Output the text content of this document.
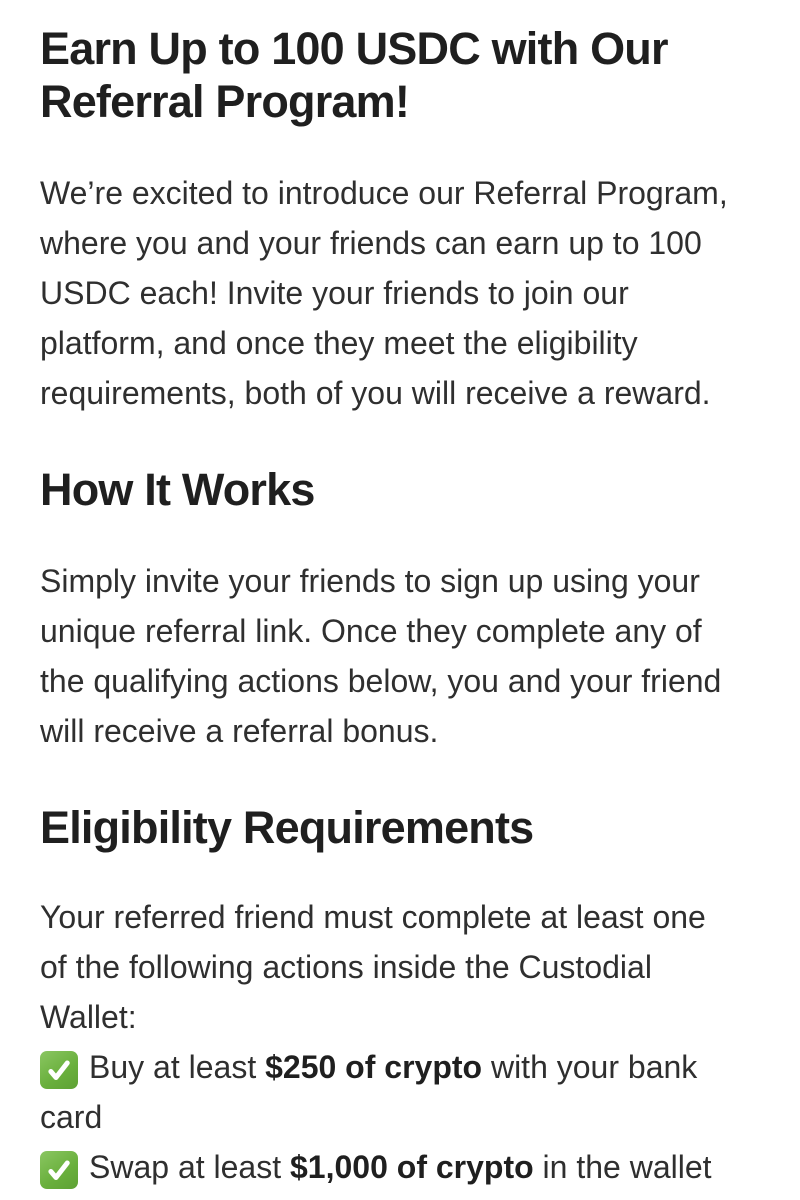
Earn Up to 100 USDC with Our Referral Program!

We’re excited to introduce our Referral Program, where you and your friends can earn up to 100 USDC each! Invite your friends to join our platform, and once they meet the eligibility requirements, both of you will receive a reward.

How It Works

Simply invite your friends to sign up using your unique referral link. Once they complete any of the qualifying actions below, you and your friend will receive a referral bonus.

Eligibility Requirements

Your referred friend must complete at least one of the following actions inside the Custodial Wallet:

Buy at least $250 of crypto with your bank card

Swap at least $1,000 of crypto in the wallet
